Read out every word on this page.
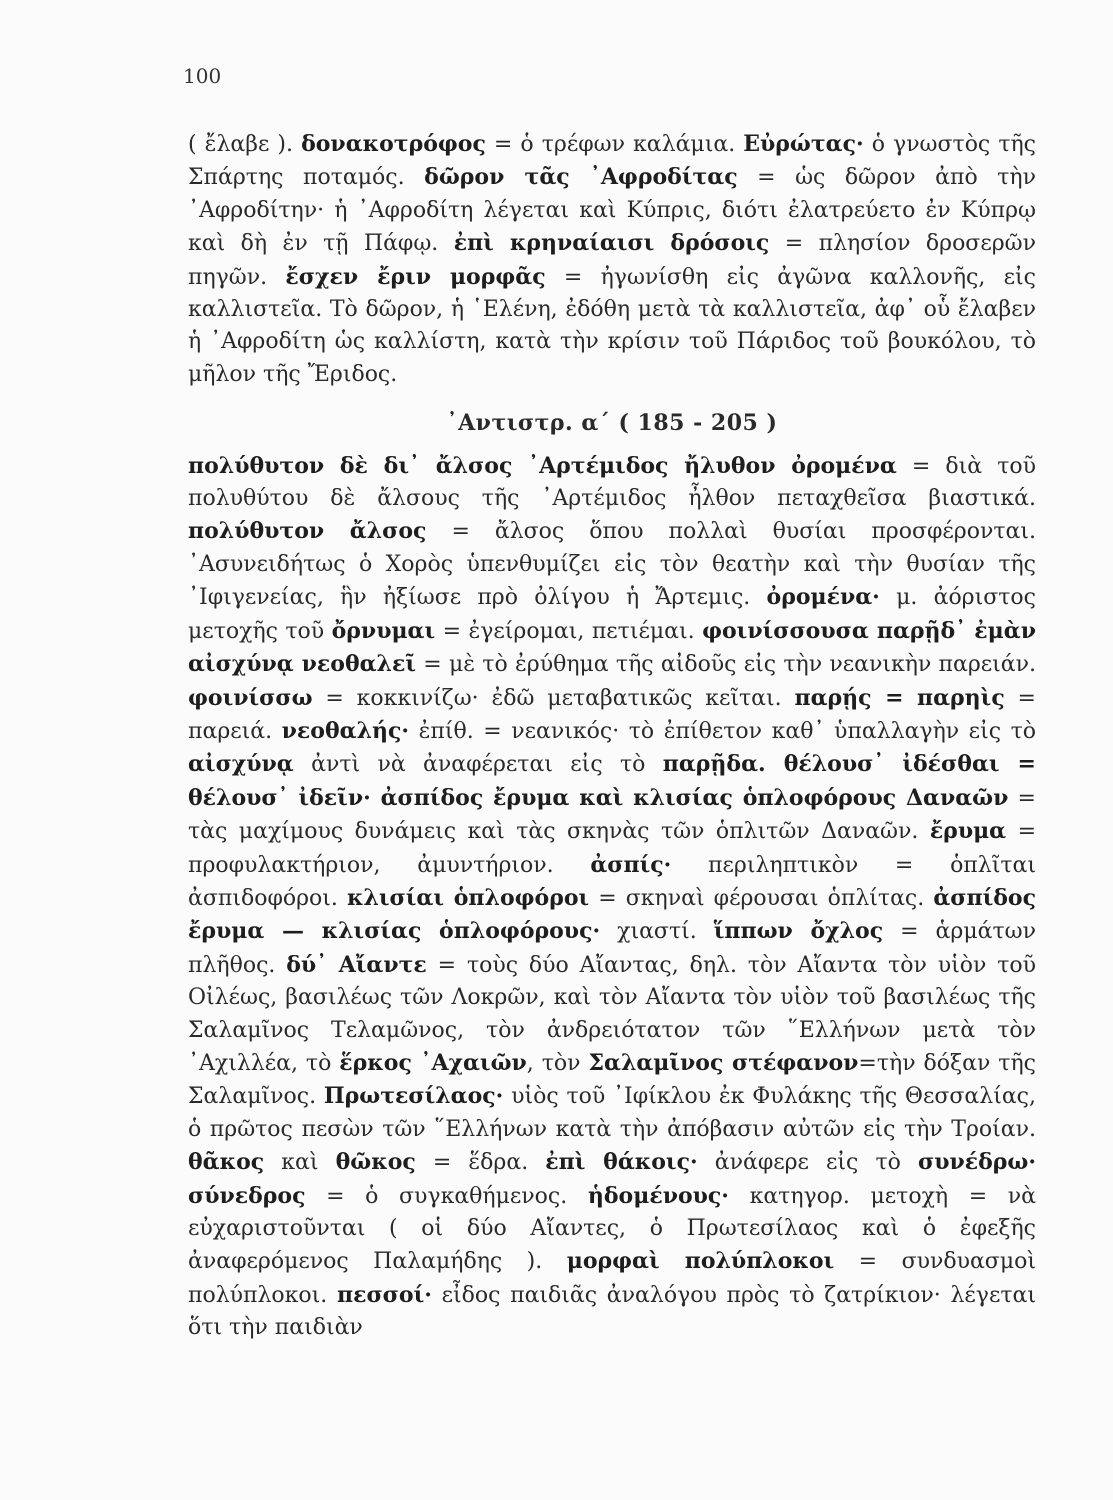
100

( ἔλαβε ). δονακοτρόφος = ὁ τρέφων καλάμια. Εὐρώτας· ὁ γνωστὸς τῆς Σπάρτης ποταμός. δῶρον τᾶς ᾿Αφροδίτας = ὡς δῶρον ἀπὸ τὴν ᾿Αφροδίτην· ἡ ᾿Αφροδίτη λέγεται καὶ Κύπρις, διότι ἐλατρεύετο ἐν Κύπρῳ καὶ δὴ ἐν τῇ Πάφῳ. ἐπὶ κρηναίαισι δρόσοις = πλησίον δροσερῶν πηγῶν. ἔσχεν ἔριν μορφᾶς = ἠγωνίσθη εἰς ἀγῶνα καλλονῆς, εἰς καλλιστεῖα. Τὸ δῶρον, ἡ ῾Ελένη, ἐδόθη μετὰ τὰ καλλιστεῖα, ἀφ᾿ οὗ ἔλαβεν ἡ ᾿Αφροδίτη ὡς καλλίστη, κατὰ τὴν κρίσιν τοῦ Πάριδος τοῦ βουκόλου, τὸ μῆλον τῆς Ἔριδος.

᾿Αντιστρ. α΄ ( 185 - 205 )

πολύθυτον δὲ δι᾿ ἄλσος ᾿Αρτέμιδος ἤλυθον ὀρομένα = διὰ τοῦ πολυθύτου δὲ ἄλσους τῆς ᾿Αρτέμιδος ἦλθον πεταχθεῖσα βιαστικά. πολύθυτον ἄλσος = ἄλσος ὅπου πολλαὶ θυσίαι προσφέρονται. ᾿Ασυνειδήτως ὁ Χορὸς ὑπενθυμίζει εἰς τὸν θεατὴν καὶ τὴν θυσίαν τῆς ᾿Ιφιγενείας, ἣν ἠξίωσε πρὸ ὀλίγου ἡ Ἄρτεμις. ὀρομένα· μ. ἀόριστος μετοχῆς τοῦ ὄρνυμαι = ἐγείρομαι, πετιέμαι. φοινίσσουσα παρῇδ᾿ ἐμὰν αἰσχύνᾳ νεοθαλεῖ = μὲ τὸ ἐρύθημα τῆς αἰδοῦς εἰς τὴν νεανικὴν παρειάν. φοινίσσω = κοκκινίζω· ἐδῶ μεταβατικῶς κεῖται. παρῄς = παρηὶς = παρειά. νεοθαλής· ἐπίθ. = νεανικός· τὸ ἐπίθετον καθ᾿ ὑπαλλαγὴν εἰς τὸ αἰσχύνᾳ ἀντὶ νὰ ἀναφέρεται εἰς τὸ παρῇδα. θέλουσ᾿ ἰδέσθαι = θέλουσ᾿ ἰδεῖν· ἀσπίδος ἔρυμα καὶ κλισίας ὁπλοφόρους Δαναῶν = τὰς μαχίμους δυνάμεις καὶ τὰς σκηνὰς τῶν ὁπλιτῶν Δαναῶν. ἔρυμα = προφυλακτήριον, ἀμυντήριον. ἀσπίς· περιληπτικὸν = ὁπλῖται ἀσπιδοφόροι. κλισίαι ὁπλοφόροι = σκηναὶ φέρουσαι ὁπλίτας. ἀσπίδος ἔρυμα — κλισίας ὁπλοφόρους· χιαστί. ἵππων ὄχλος = ἁρμάτων πλῆθος. δύ᾿ Αἴαντε = τοὺς δύο Αἴαντας, δηλ. τὸν Αἴαντα τὸν υἱὸν τοῦ Οἰλέως, βασιλέως τῶν Λοκρῶν, καὶ τὸν Αἴαντα τὸν υἱὸν τοῦ βασιλέως τῆς Σαλαμῖνος Τελαμῶνος, τὸν ἀνδρειότατον τῶν ῞Ελλήνων μετὰ τὸν ᾿Αχιλλέα, τὸ ἕρκος ᾿Αχαιῶν, τὸν Σαλαμῖνος στέφανον=τὴν δόξαν τῆς Σαλαμῖνος. Πρωτεσίλαος· υἱὸς τοῦ ᾿Ιφίκλου ἐκ Φυλάκης τῆς Θεσσαλίας, ὁ πρῶτος πεσὼν τῶν ῞Ελλήνων κατὰ τὴν ἀπόβασιν αὐτῶν εἰς τὴν Τροίαν. θᾶκος καὶ θῶκος = ἕδρα. ἐπὶ θάκοις· ἀνάφερε εἰς τὸ συνέδρω· σύνεδρος = ὁ συγκαθήμενος. ἡδομένους· κατηγορ. μετοχὴ = νὰ εὐχαριστοῦνται ( οἱ δύο Αἴαντες, ὁ Πρωτεσίλαος καὶ ὁ ἐφεξῆς ἀναφερόμενος Παλαμήδης ). μορφαὶ πολύπλοκοι = συνδυασμοὶ πολύπλοκοι. πεσσοί· εἶδος παιδιᾶς ἀναλόγου πρὸς τὸ ζατρίκιον· λέγεται ὅτι τὴν παιδιὰν
